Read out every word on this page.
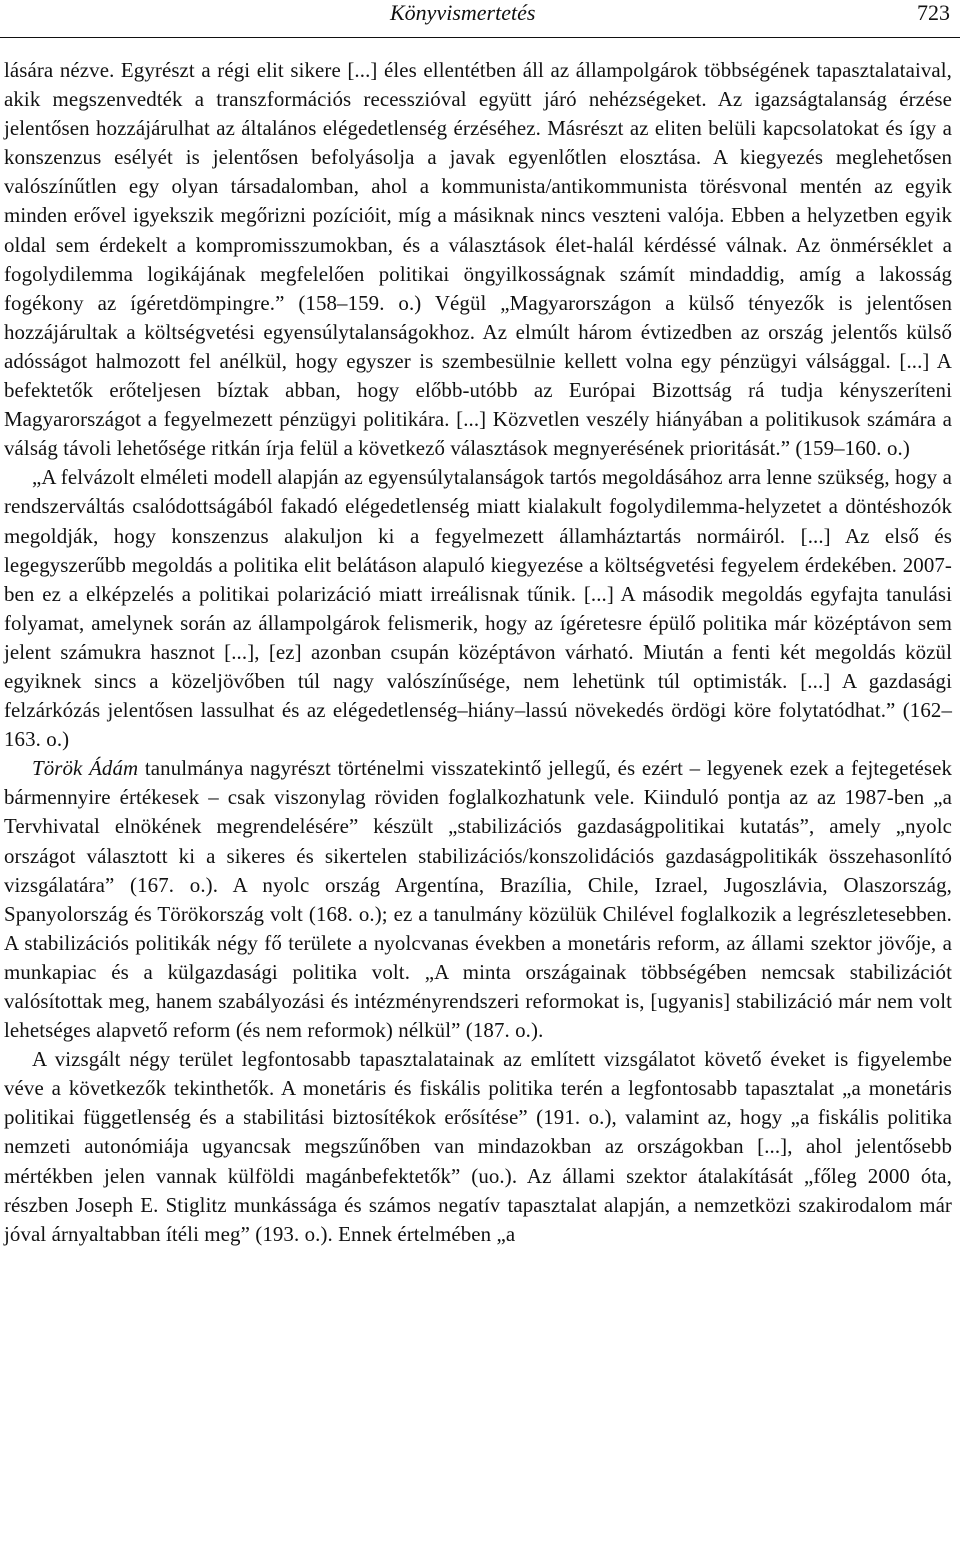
Könyvismertetés	723

lására nézve. Egyrészt a régi elit sikere [...] éles ellentétben áll az állampolgárok többségének tapasztalataival, akik megszenvedték a transzformációs recesszióval együtt járó nehézségeket. Az igazságtalanság érzése jelentősen hozzájárulhat az általános elégedetlenség érzéséhez. Másrészt az eliten belüli kapcsolatokat és így a konszenzus esélyét is jelentősen befolyásolja a javak egyenlőtlen elosztása. A kiegyezés meglehetősen valószínűtlen egy olyan társadalomban, ahol a kommunista/antikommunista törésvonal mentén az egyik minden erővel igyekszik megőrizni pozícióit, míg a másiknak nincs veszteni valója. Ebben a helyzetben egyik oldal sem érdekelt a kompromisszumokban, és a választások élet-halál kérdéssé válnak. Az önmérséklet a fogolydilemma logikájának megfelelően politikai öngyilkosságnak számít mindaddig, amíg a lakosság fogékony az ígéretdömpingre.” (158–159. o.) Végül „Magyarországon a külső tényezők is jelentősen hozzájárultak a költségvetési egyensúlytalanságokhoz. Az elmúlt három évtizedben az ország jelentős külső adósságot halmozott fel anélkül, hogy egyszer is szembesülnie kellett volna egy pénzügyi válsággal. [...] A befektetők erőteljesen bíztak abban, hogy előbb-utóbb az Európai Bizottság rá tudja kényszeríteni Magyarországot a fegyelmezett pénzügyi politikára. [...] Közvetlen veszély hiányában a politikusok számára a válság távoli lehetősége ritkán írja felül a következő választások megnyerésének prioritását.” (159–160. o.)

„A felvázolt elméleti modell alapján az egyensúlytalanságok tartós megoldásához arra lenne szükség, hogy a rendszerváltás csalódottságából fakadó elégedetlenség miatt kialakult fogolydilemma-helyzetet a döntéshozók megoldják, hogy konszenzus alakuljon ki a fegyelmezett államháztartás normáiról. [...] Az első és legegyszerűbb megoldás a politika elit belátáson alapuló kiegyezése a költségvetési fegyelem érdekében. 2007-ben ez a elképzelés a politikai polarizáció miatt irreálisnak tűnik. [...] A második megoldás egyfajta tanulási folyamat, amelynek során az állampolgárok felismerik, hogy az ígéretesre épülő politika már középtávon sem jelent számukra hasznot [...], [ez] azonban csupán középtávon várható. Miután a fenti két megoldás közül egyiknek sincs a közeljövőben túl nagy valószínűsége, nem lehetünk túl optimisták. [...] A gazdasági felzárkózás jelentősen lassulhat és az elégedetlenség–hiány–lassú növekedés ördögi köre folytatódhat.” (162–163. o.)

Török Ádám tanulmánya nagyrészt történelmi visszatekintő jellegű, és ezért – legyenek ezek a fejtegetések bármennyire értékesek – csak viszonylag röviden foglalkozhatunk vele. Kiinduló pontja az az 1987-ben „a Tervhivatal elnökének megrendelésére” készült „stabilizációs gazdaságpolitikai kutatás”, amely „nyolc országot választott ki a sikeres és sikertelen stabilizációs/konszolidációs gazdaságpolitikák összehasonlító vizsgálatára” (167. o.). A nyolc ország Argentína, Brazília, Chile, Izrael, Jugoszlávia, Olaszország, Spanyolország és Törökország volt (168. o.); ez a tanulmány közülük Chilével foglalkozik a legrészletesebben. A stabilizációs politikák négy fő területe a nyolcvanas években a monetáris reform, az állami szektor jövője, a munkapiac és a külgazdasági politika volt. „A minta országainak többségében nemcsak stabilizációt valósítottak meg, hanem szabályozási és intézményrendszeri reformokat is, [ugyanis] stabilizáció már nem volt lehetséges alapvető reform (és nem reformok) nélkül” (187. o.).

A vizsgált négy terület legfontosabb tapasztalatainak az említett vizsgálatot követő éveket is figyelembe véve a következők tekinthetők. A monetáris és fiskális politika terén a legfontosabb tapasztalat „a monetáris politikai függetlenség és a stabilitási biztosítékok erősítése” (191. o.), valamint az, hogy „a fiskális politika nemzeti autonómiája ugyancsak megszűnőben van mindazokban az országokban [...], ahol jelentősebb mértékben jelen vannak külföldi magánbefektetők” (uo.). Az állami szektor átalakítását „főleg 2000 óta, részben Joseph E. Stiglitz munkássága és számos negatív tapasztalat alapján, a nemzetközi szakirodalom már jóval árnyaltabban ítéli meg” (193. o.). Ennek értelmében „a
